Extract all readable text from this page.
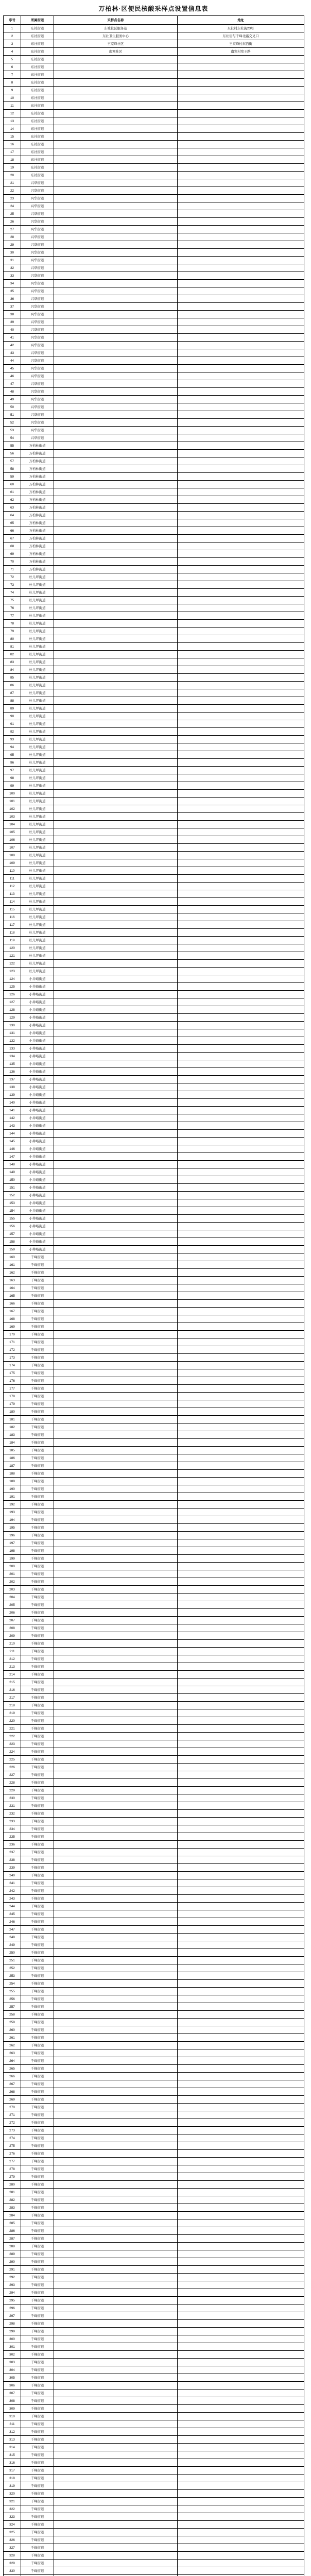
万柏林·区便民核酸采样点设置信息表
序号	所属街道	采样点名称	地址
1	东社街道	东社社区服务站	东社村东社街23号
2	东社街道	东社卫生服务中心	东社街与千峰北路交叉口
3	东社街道	王家峰社区	王家峰村东西街
4	东社街道	南寒社区	南寒村寒王路
5	东社街道		
6	东社街道		
7	东社街道		
8	东社街道		
9	东社街道		
10	东社街道		
11	东社街道		
12	东社街道		
13	东社街道		
14	东社街道		
15	东社街道		
16	东社街道		
17	东社街道		
18	东社街道		
19	东社街道		
20	东社街道		
21	兴华街道		
22	兴华街道		
23	兴华街道		
24	兴华街道		
25	兴华街道		
26	兴华街道		
27	兴华街道		
28	兴华街道		
29	兴华街道		
30	兴华街道		
31	兴华街道		
32	兴华街道		
33	兴华街道		
34	兴华街道		
35	兴华街道		
36	兴华街道		
37	兴华街道		
38	兴华街道		
39	兴华街道		
40	兴华街道		
41	兴华街道		
42	兴华街道		
43	兴华街道		
44	兴华街道		
45	兴华街道		
46	兴华街道		
47	兴华街道		
48	兴华街道		
49	兴华街道		
50	兴华街道		
51	兴华街道		
52	兴华街道		
53	兴华街道		
54	兴华街道		
55	万柏林街道		
56	万柏林街道		
57	万柏林街道		
58	万柏林街道		
59	万柏林街道		
60	万柏林街道		
61	万柏林街道		
62	万柏林街道		
63	万柏林街道		
64	万柏林街道		
65	万柏林街道		
66	万柏林街道		
67	万柏林街道		
68	万柏林街道		
69	万柏林街道		
70	万柏林街道		
71	万柏林街道		
72	杜儿坪街道		
73	杜儿坪街道		
74	杜儿坪街道		
75	杜儿坪街道		
76	杜儿坪街道		
77	杜儿坪街道		
78	杜儿坪街道		
79	杜儿坪街道		
80	杜儿坪街道		
81	杜儿坪街道		
82	杜儿坪街道		
83	杜儿坪街道		
84	杜儿坪街道		
85	杜儿坪街道		
86	杜儿坪街道		
87	杜儿坪街道		
88	杜儿坪街道		
89	杜儿坪街道		
90	杜儿坪街道		
91	杜儿坪街道		
92	杜儿坪街道		
93	杜儿坪街道		
94	杜儿坪街道		
95	杜儿坪街道		
96	杜儿坪街道		
97	杜儿坪街道		
98	杜儿坪街道		
99	杜儿坪街道		
100	杜儿坪街道		
101	杜儿坪街道		
102	杜儿坪街道		
103	杜儿坪街道		
104	杜儿坪街道		
105	杜儿坪街道		
106	杜儿坪街道		
107	杜儿坪街道		
108	杜儿坪街道		
109	杜儿坪街道		
110	杜儿坪街道		
111	杜儿坪街道		
112	杜儿坪街道		
113	杜儿坪街道		
114	杜儿坪街道		
115	杜儿坪街道		
116	杜儿坪街道		
117	杜儿坪街道		
118	杜儿坪街道		
119	杜儿坪街道		
120	杜儿坪街道		
121	杜儿坪街道		
122	杜儿坪街道		
123	杜儿坪街道		
124	小井峪街道		
125	小井峪街道		
126	小井峪街道		
127	小井峪街道		
128	小井峪街道		
129	小井峪街道		
130	小井峪街道		
131	小井峪街道		
132	小井峪街道		
133	小井峪街道		
134	小井峪街道		
135	小井峪街道		
136	小井峪街道		
137	小井峪街道		
138	小井峪街道		
139	小井峪街道		
140	小井峪街道		
141	小井峪街道		
142	小井峪街道		
143	小井峪街道		
144	小井峪街道		
145	小井峪街道		
146	小井峪街道		
147	小井峪街道		
148	小井峪街道		
149	小井峪街道		
150	小井峪街道		
151	小井峪街道		
152	小井峪街道		
153	小井峪街道		
154	小井峪街道		
155	小井峪街道		
156	小井峪街道		
157	小井峪街道		
158	小井峪街道		
159	小井峪街道		
160	千峰街道		
161	千峰街道		
162	千峰街道		
163	千峰街道		
164	千峰街道		
165	千峰街道		
166	千峰街道		
167	千峰街道		
168	千峰街道		
169	千峰街道		
170	千峰街道		
171	千峰街道		
172	千峰街道		
173	千峰街道		
174	千峰街道		
175	千峰街道		
176	千峰街道		
177	千峰街道		
178	千峰街道		
179	千峰街道		
180	千峰街道		
181	千峰街道		
182	千峰街道		
183	千峰街道		
184	千峰街道		
185	千峰街道		
186	千峰街道		
187	千峰街道		
188	千峰街道		
189	千峰街道		
190	千峰街道		
191	千峰街道		
192	千峰街道		
193	千峰街道		
194	千峰街道		
195	千峰街道		
196	千峰街道		
197	千峰街道		
198	千峰街道		
199	千峰街道		
200	千峰街道		
201	千峰街道		
202	千峰街道		
203	千峰街道		
204	千峰街道		
205	千峰街道		
206	千峰街道		
207	千峰街道		
208	千峰街道		
209	千峰街道		
210	千峰街道		
211	千峰街道		
212	千峰街道		
213	千峰街道		
214	千峰街道		
215	千峰街道		
216	千峰街道		
217	千峰街道		
218	千峰街道		
219	千峰街道		
220	千峰街道		
221	千峰街道		
222	千峰街道		
223	千峰街道		
224	千峰街道		
225	千峰街道		
226	千峰街道		
227	千峰街道		
228	千峰街道		
229	千峰街道		
230	千峰街道		
231	千峰街道		
232	千峰街道		
233	千峰街道		
234	千峰街道		
235	千峰街道		
236	千峰街道		
237	千峰街道		
238	千峰街道		
239	千峰街道		
240	千峰街道		
241	千峰街道		
242	千峰街道		
243	千峰街道		
244	千峰街道		
245	千峰街道		
246	千峰街道		
247	千峰街道		
248	千峰街道		
249	千峰街道		
250	千峰街道		
251	千峰街道		
252	千峰街道		
253	千峰街道		
254	千峰街道		
255	千峰街道		
256	千峰街道		
257	千峰街道		
258	千峰街道		
259	千峰街道		
260	千峰街道		
261	千峰街道		
262	千峰街道		
263	千峰街道		
264	千峰街道		
265	千峰街道		
266	千峰街道		
267	千峰街道		
268	千峰街道		
269	千峰街道		
270	千峰街道		
271	千峰街道		
272	千峰街道		
273	千峰街道		
274	千峰街道		
275	千峰街道		
276	千峰街道		
277	千峰街道		
278	千峰街道		
279	千峰街道		
280	千峰街道		
281	千峰街道		
282	千峰街道		
283	千峰街道		
284	千峰街道		
285	千峰街道		
286	千峰街道		
287	千峰街道		
288	千峰街道		
289	千峰街道		
290	千峰街道		
291	千峰街道		
292	千峰街道		
293	千峰街道		
294	千峰街道		
295	千峰街道		
296	千峰街道		
297	千峰街道		
298	千峰街道		
299	千峰街道		
300	千峰街道		
301	千峰街道		
302	千峰街道		
303	千峰街道		
304	千峰街道		
305	千峰街道		
306	千峰街道		
307	千峰街道		
308	千峰街道		
309	千峰街道		
310	千峰街道		
311	千峰街道		
312	千峰街道		
313	千峰街道		
314	千峰街道		
315	千峰街道		
316	千峰街道		
317	千峰街道		
318	千峰街道		
319	千峰街道		
320	千峰街道		
321	千峰街道		
322	千峰街道		
323	千峰街道		
324	千峰街道		
325	千峰街道		
326	千峰街道		
327	千峰街道		
328	千峰街道		
329	千峰街道		
330	千峰街道		
